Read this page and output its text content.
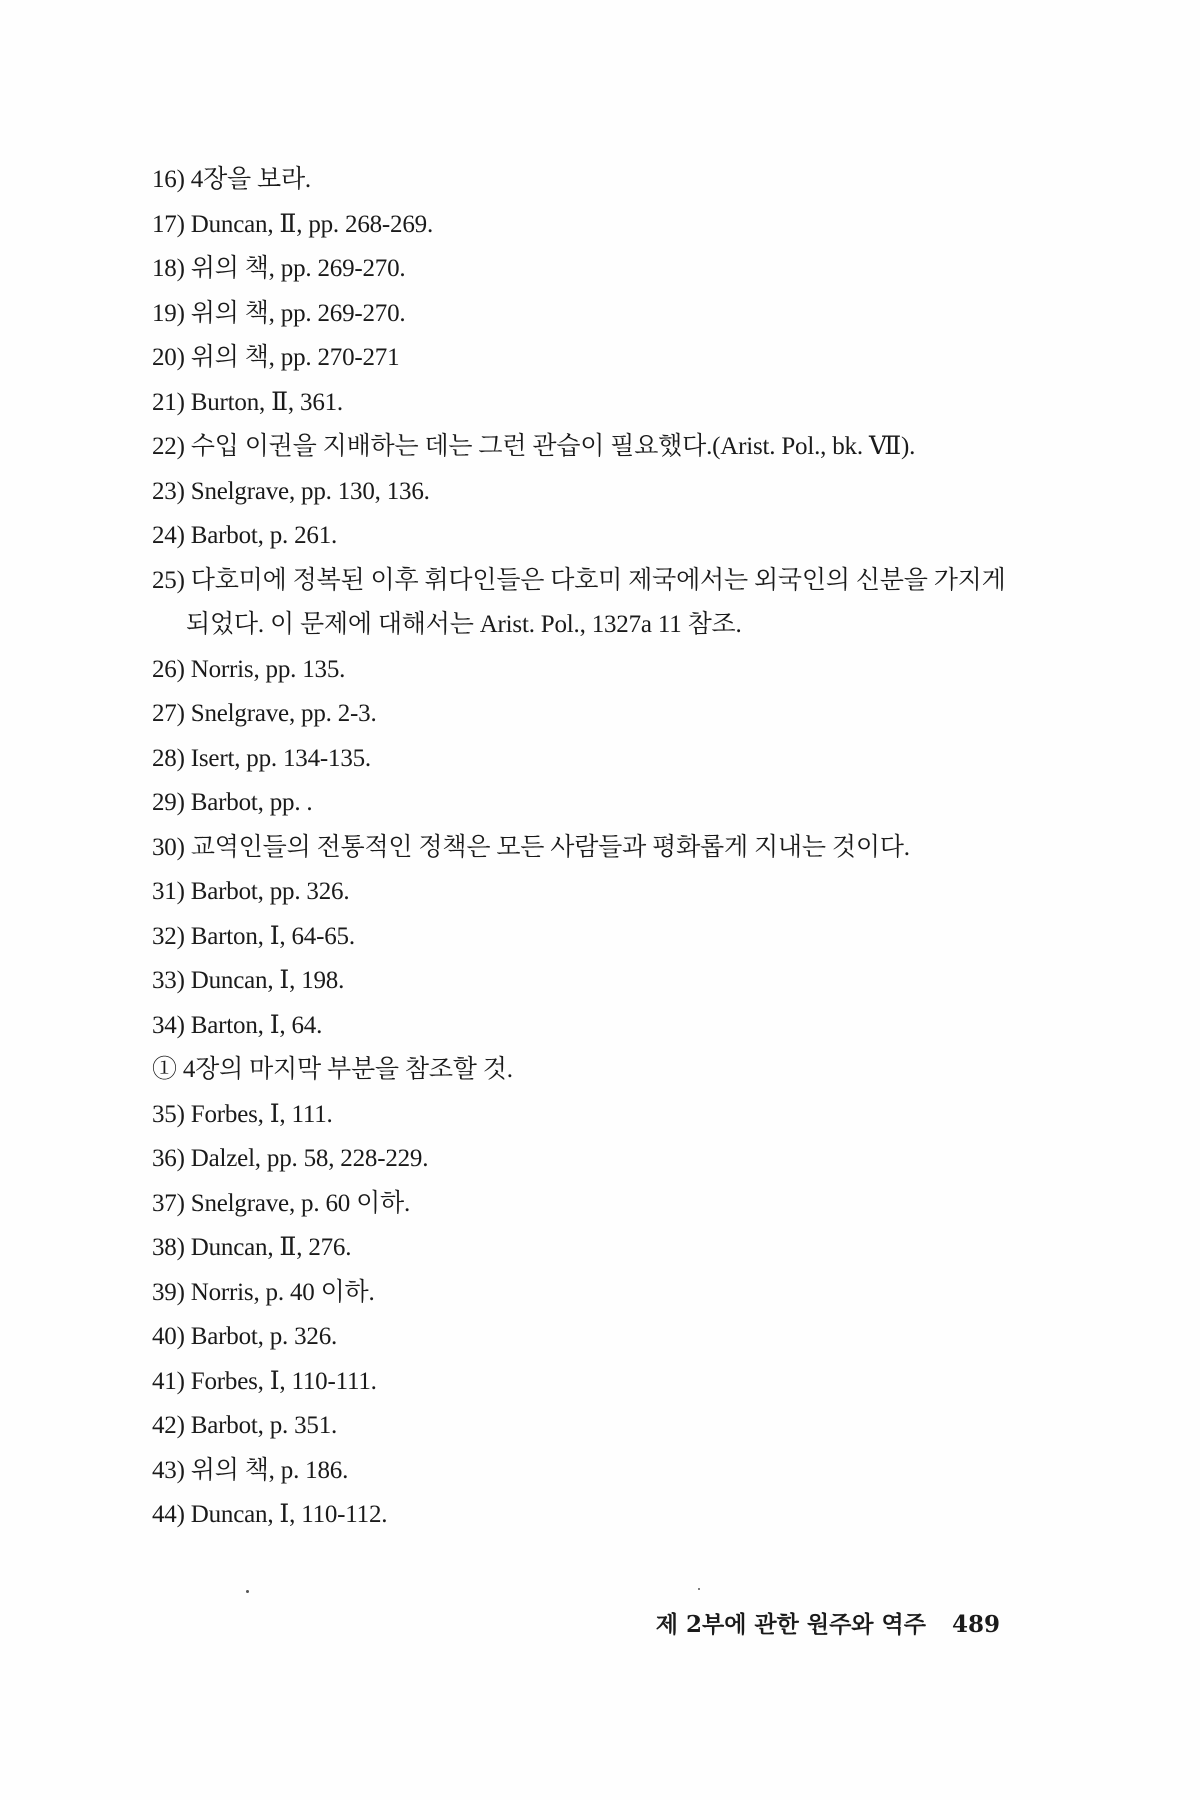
16) 4장을 보라.
17) Duncan, Ⅱ, pp. 268-269.
18) 위의 책, pp. 269-270.
19) 위의 책, pp. 269-270.
20) 위의 책, pp. 270-271
21) Burton, Ⅱ, 361.
22) 수입 이권을 지배하는 데는 그런 관습이 필요했다.(Arist. Pol., bk. Ⅶ).
23) Snelgrave, pp. 130, 136.
24) Barbot, p. 261.
25) 다호미에 정복된 이후 휘다인들은 다호미 제국에서는 외국인의 신분을 가지게
되었다. 이 문제에 대해서는 Arist. Pol., 1327a 11 참조.
26) Norris, pp. 135.
27) Snelgrave, pp. 2-3.
28) Isert, pp. 134-135.
29) Barbot, pp. .
30) 교역인들의 전통적인 정책은 모든 사람들과 평화롭게 지내는 것이다.
31) Barbot, pp. 326.
32) Barton, Ⅰ, 64-65.
33) Duncan, Ⅰ, 198.
34) Barton, Ⅰ, 64.
① 4장의 마지막 부분을 참조할 것.
35) Forbes, Ⅰ, 111.
36) Dalzel, pp. 58, 228-229.
37) Snelgrave, p. 60 이하.
38) Duncan, Ⅱ, 276.
39) Norris, p. 40 이하.
40) Barbot, p. 326.
41) Forbes, Ⅰ, 110-111.
42) Barbot, p. 351.
43) 위의 책, p. 186.
44) Duncan, Ⅰ, 110-112.
제 2부에 관한 원주와 역주 489
